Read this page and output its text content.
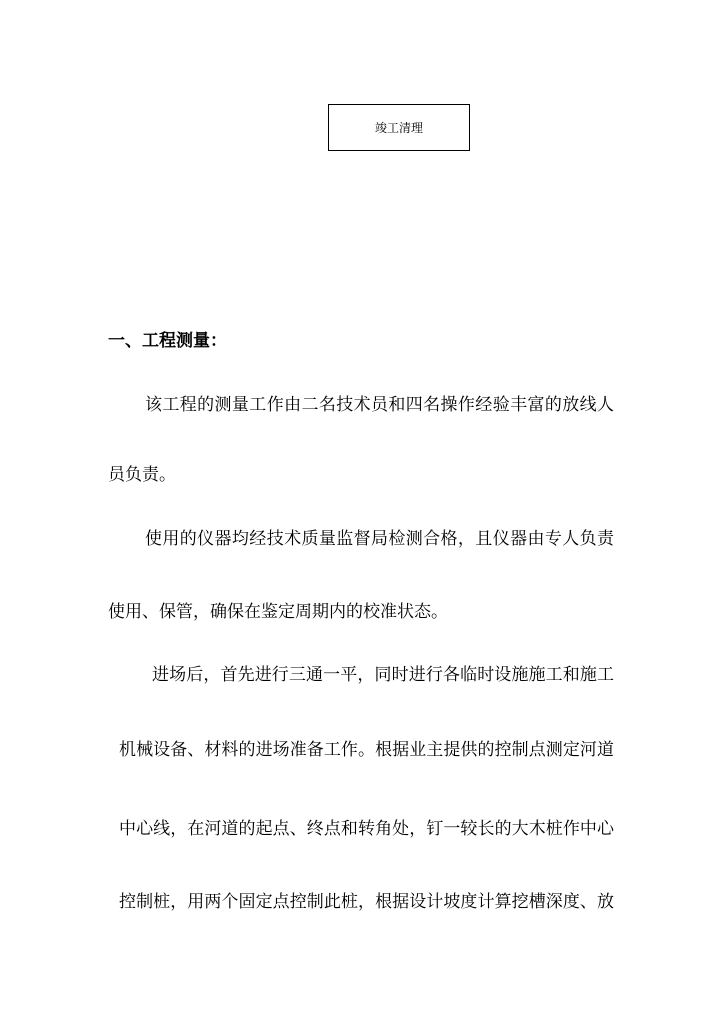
竣工清理
一、工程测量：
该工程的测量工作由二名技术员和四名操作经验丰富的放线人
员负责。
使用的仪器均经技术质量监督局检测合格，且仪器由专人负责
使用、保管，确保在鉴定周期内的校准状态。
进场后，首先进行三通一平，同时进行各临时设施施工和施工
机械设备、材料的进场准备工作。根据业主提供的控制点测定河道
中心线，在河道的起点、终点和转角处，钉一较长的大木桩作中心
控制桩，用两个固定点控制此桩，根据设计坡度计算挖槽深度、放
